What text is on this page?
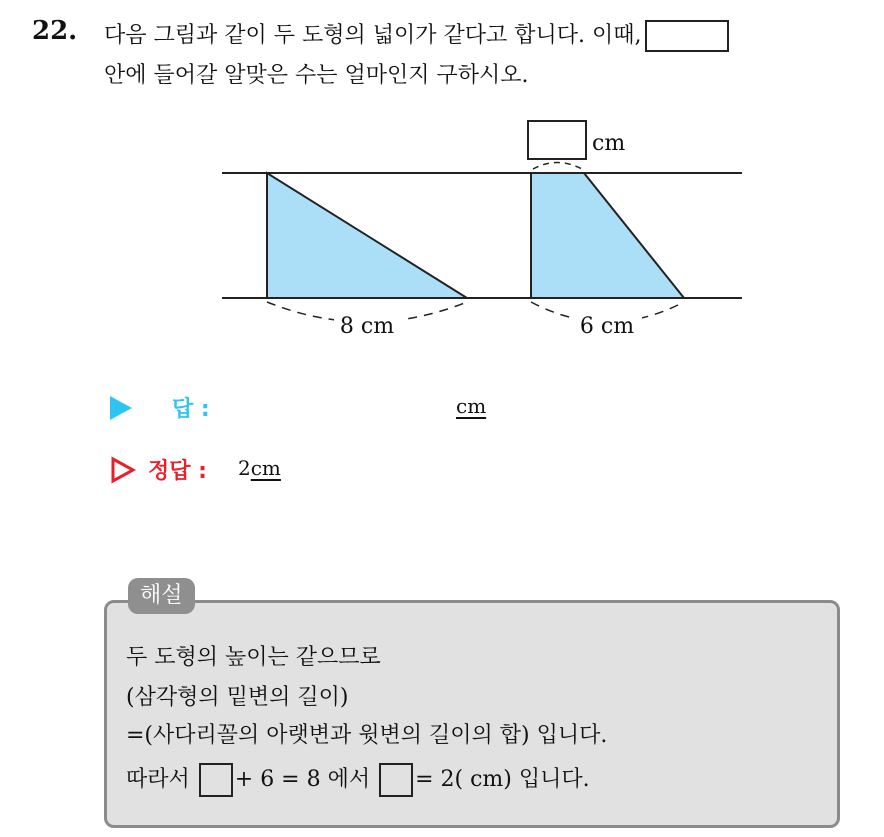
22. 다음 그림과 같이 두 도형의 넓이가 같다고 합니다. 이때,
안에 들어갈 알맞은 수는 얼마인지 구하시오.
cm
8 cm	6 cm
답 :	cm
정답 : 2cm
해설
두 도형의 높이는 같으므로
(삼각형의 밑변의 길이)
=(사다리꼴의 아랫변과 윗변의 길이의 합) 입니다.
따라서 + 6 = 8 에서 = 2( cm) 입니다.
